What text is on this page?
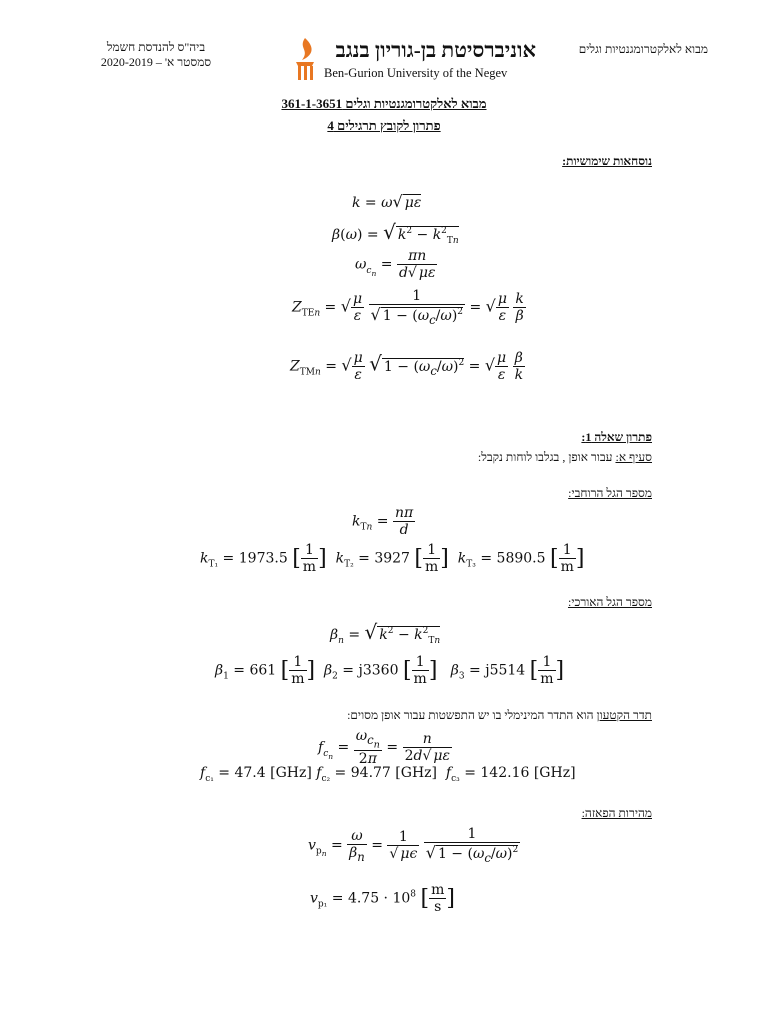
מבוא לאלקטרומגנטיות וגלים
ביה"ס להנדסת חשמל
סמסטר א' – 2020-2019	אוניברסיטת בן-גוריון בנגב
Ben-Gurion University of the Negev
מבוא לאלקטרומגנטיות וגלים 361-1-3651
פתרון לקובץ תרגילים 4
נוסחאות שימושיות:
k = ω√ με
β(ω) = √ $k^2 - k^2_{Tn}$
$\omega_{c_n} = \frac{\pi n}{d√ \mu\varepsilon}$
$Z_{TEn}$ = √ $\frac{\mu}{\varepsilon}$
$\frac{1}{√ 1 - (\omega_c/\omega)^2}$ = √ $\frac{\mu}{\varepsilon}$
$\frac{k}{\beta}$
$Z_{TMn}$ = √ $\frac{\mu}{\varepsilon}$ √ $1 - (\omega_c/\omega)^2$ = √ $\frac{\mu}{\varepsilon}$
$\frac{\beta}{k}$
פתרון שאלה 1:
סעיף א: עבור אופן , בגלבו לוחות נקבל:
מספר הגל הרוחבי:
$k_{Tn} = \frac{n\pi}{d}$
$k_{T_1} = 1973.5$ [ $\frac{1}{m}$ ] $k_{T_2} = 3927$ [ $\frac{1}{m}$ ] $k_{T_3} = 5890.5$ [ $\frac{1}{m}$ ]
מספר הגל האורכי:
$\beta_n$ = √ $k^2 - k^2_{Tn}$
$\beta_1 = 661$ [ $\frac{1}{m}$ ] $\beta_2 = j3360$ [ $\frac{1}{m}$ ] $\beta_3 = j5514$ [ $\frac{1}{m}$ ]
תדר הקטעון הוא התדר המינימלי בו יש התפשטות עבור אופן מסוים:
$f_{c_n} = \frac{\omega_{c_n}}{2\pi} = \frac{n}{2d√ \mu\varepsilon}$
$f_{c_1} = 47.4$ [GHz] $f_{c_2} = 94.77$ [GHz] $f_{c_3} = 142.16$ [GHz]
מהירות הפאזה:
$v_{p_n} = \frac{\omega}{\beta_n} = \frac{1}{√ \mu\epsilon}$
$\frac{1}{√ 1 - (\omega_c/\omega)^2}$
$v_{p_1} = 4.75 \cdot 10^8$ [ $\frac{m}{s}$ ]
